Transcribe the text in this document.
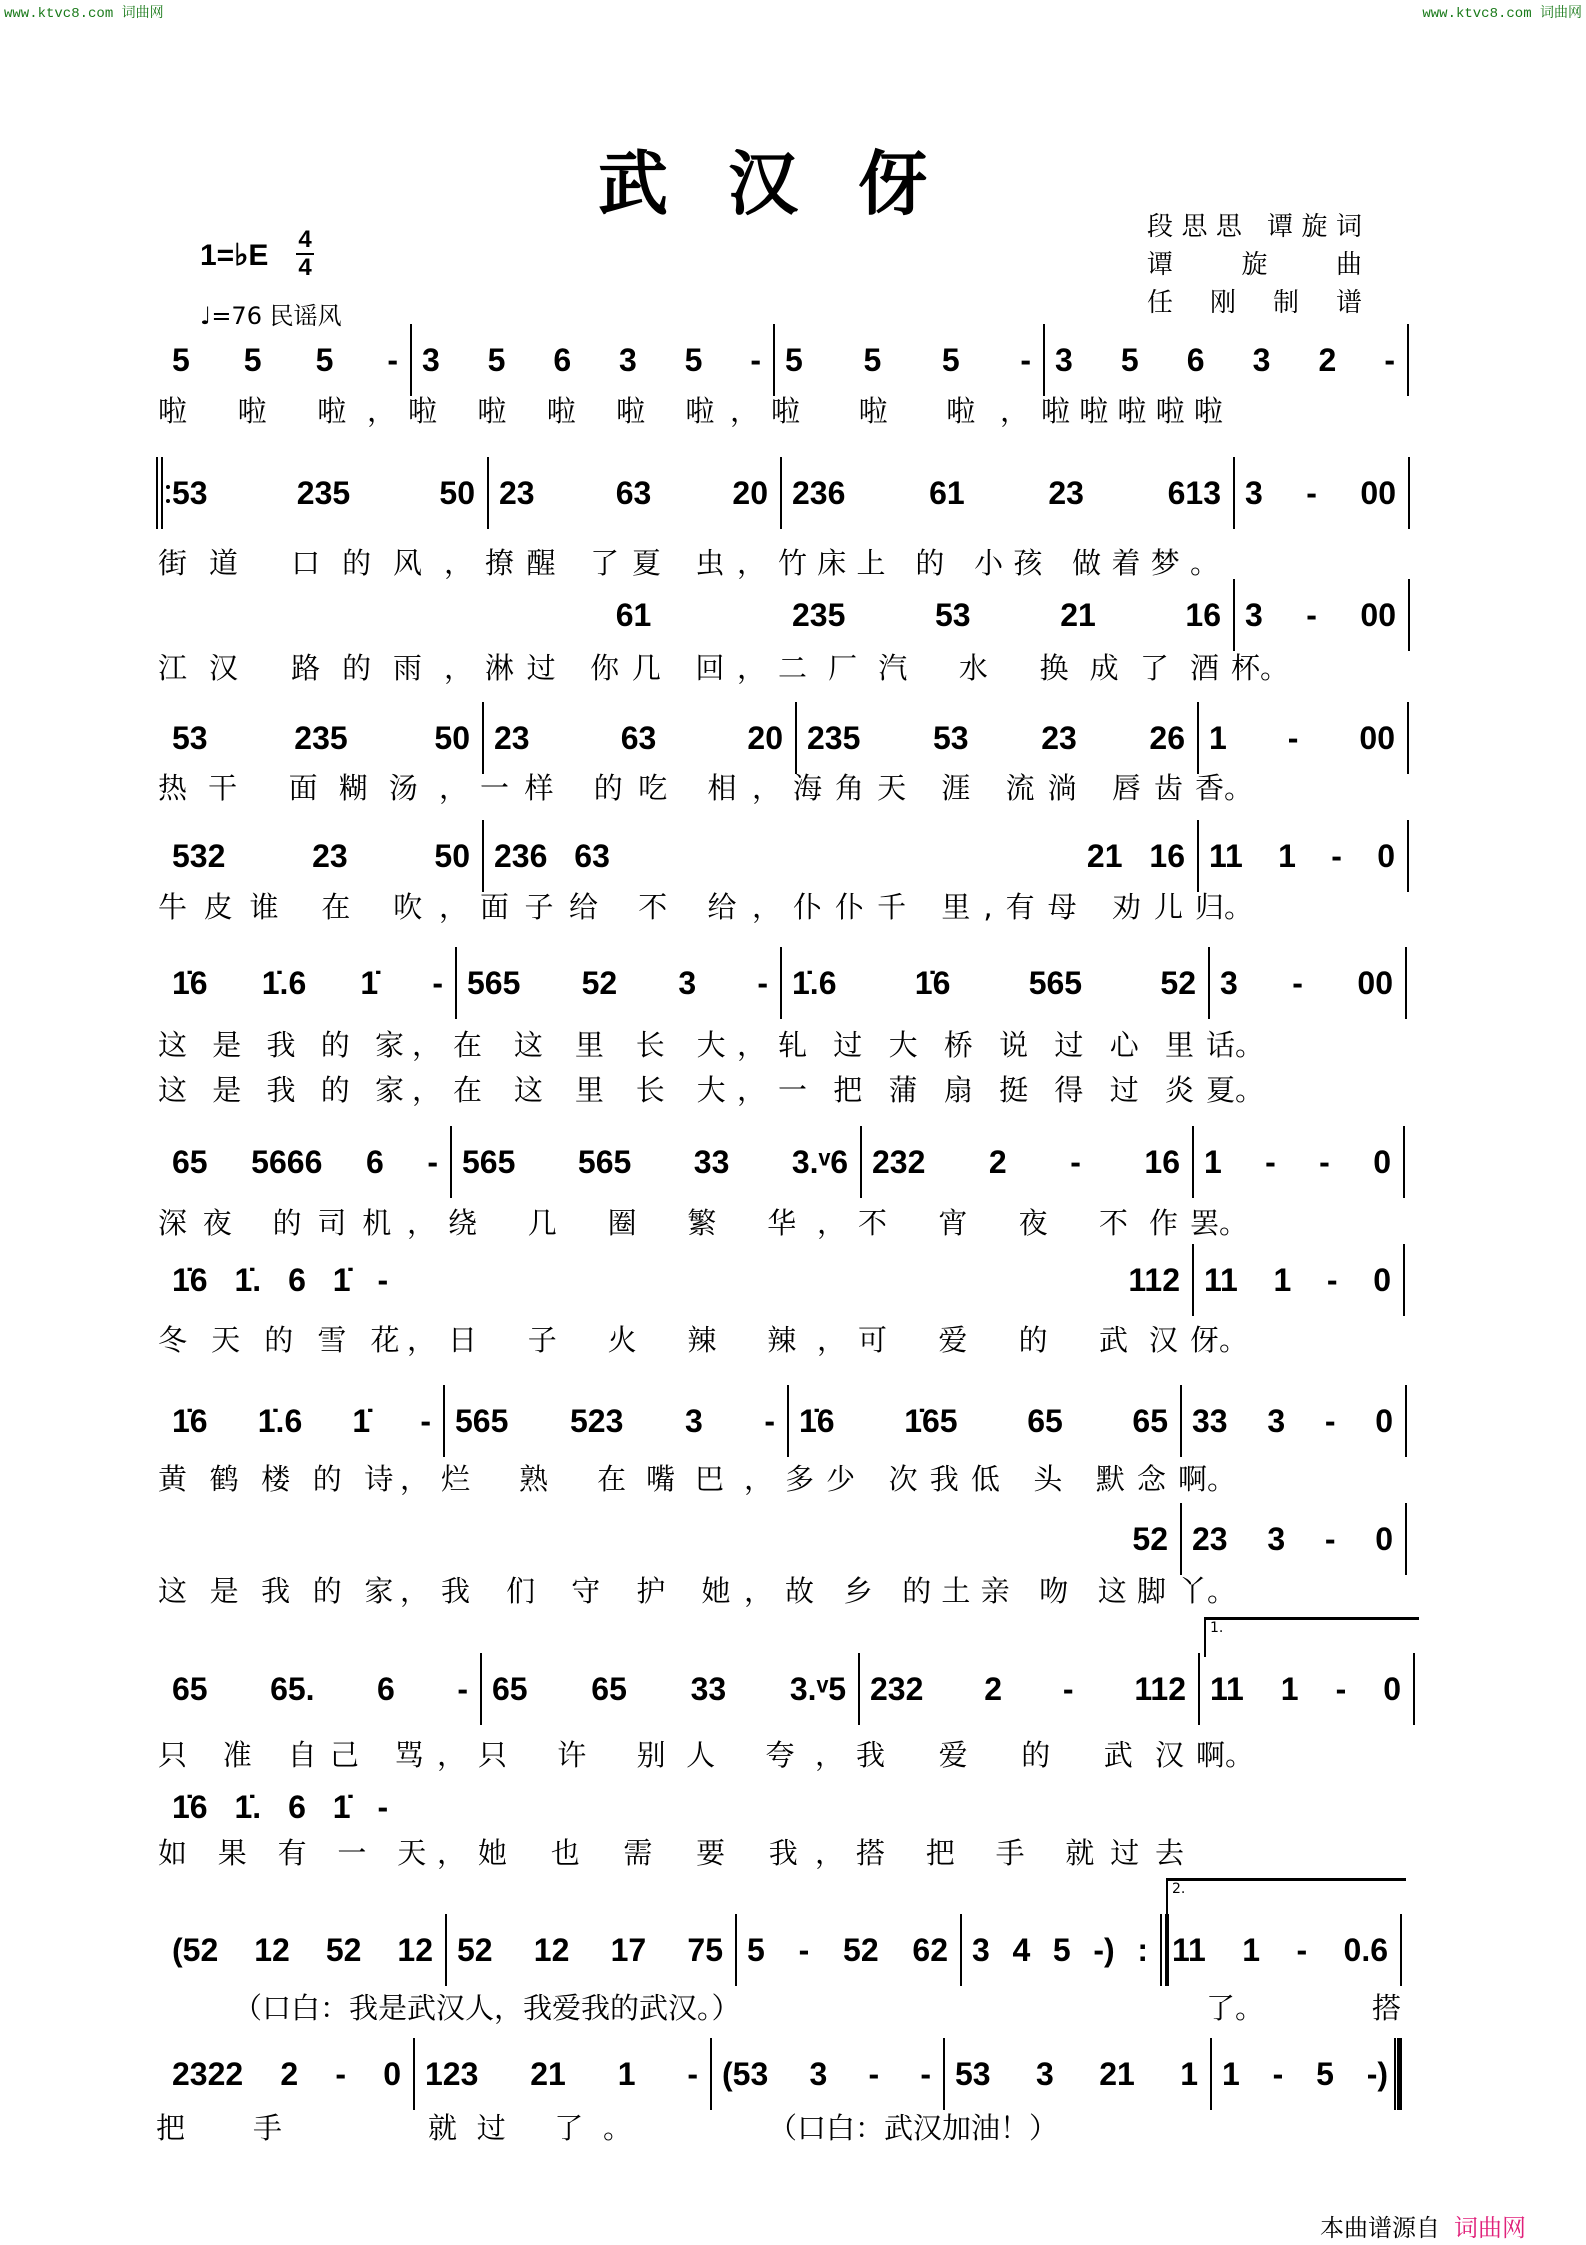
www.ktvc8.com 词曲网	www.ktvc8.com 词曲网
武汉伢
1=♭E 4
4
♩=76 民谣风
段思思 谭旋词
谭 旋 曲
任 刚 制 谱
5 5 5 - 3 5 6 3 5 - 5 5 5 - 3 5 6 3 2 -
啦 啦 啦， 啦 啦 啦 啦 啦， 啦 啦 啦， 啦 啦 啦 啦 啦
53 235 50 23 63 20 236 61 23 613 3 - 00
街道 口的风， 撩醒 了夏 虫， 竹床上 的 小孩 做着梦。
61	235 53 21 16 3 - 00
江汉 路的雨， 淋过 你几 回， 二厂汽 水 换成了酒 杯。
53 235 50 23 63 20 235 53 23 26 1 - 00
热干 面糊汤， 一样 的吃 相， 海角天 涯 流淌 唇齿 香。
532 23 50 236 63	21 16 11 1 - 0
牛皮谁 在 吹， 面子给 不 给， 仆仆千 里,有母 劝儿 归。
1̇6 1̇.6 1̇ - 565 52 3 - 1̇.6 1̇6 565 52 3 - 00
这 是 我 的 家， 在 这 里 长 大， 轧 过 大 桥 说 过 心 里 话。
这 是 我 的 家， 在 这 里 长 大， 一 把 蒲 扇 挺 得 过 炎 夏。
65 5666 6 - 565 565 33 3.ᵛ6 232 2 - 16 1 - - 0
深夜 的司机， 绕 几 圈 繁 华， 不 宵 夜 不作 罢。
1̇6 1̇. 6 1̇ -	112 11 1 - 0
冬 天 的 雪 花， 日 子 火 辣 辣， 可 爱 的 武汉 伢。
1̇6 1̇.6 1̇ - 565 523 3 - 1̇6 1̇65 65 65 33 3 - 0
黄 鹤 楼 的 诗， 烂 熟 在嘴巴， 多少 次我低 头 默念 啊。
52 23 3 - 0
这 是 我 的 家， 我 们 守 护 她， 故 乡 的土亲 吻 这脚 丫。
65 65. 6 - 65 65 33 3.ᵛ5 232 2 - 112 11 1 - 0
1.
只 准 自己 骂， 只 许 别人 夸， 我 爱 的 武汉 啊。
1̇6 1̇. 6 1̇ -
如 果 有 一 天， 她 也 需 要 我， 搭 把 手 就过去
(52 12 52 12 52 12 17 75 5 - 52 62 3 4 5 -) : 11 1 - 0.6
2.
（口白：我是武汉人，我爱我的武汉。）	了。	搭
2322 2 - 0 123 21 1 - (53 3 - - 53 3 21 1 1 - 5 -)
把 手	就过 了。	（口白：武汉加油！）
本曲谱源自 词曲网
